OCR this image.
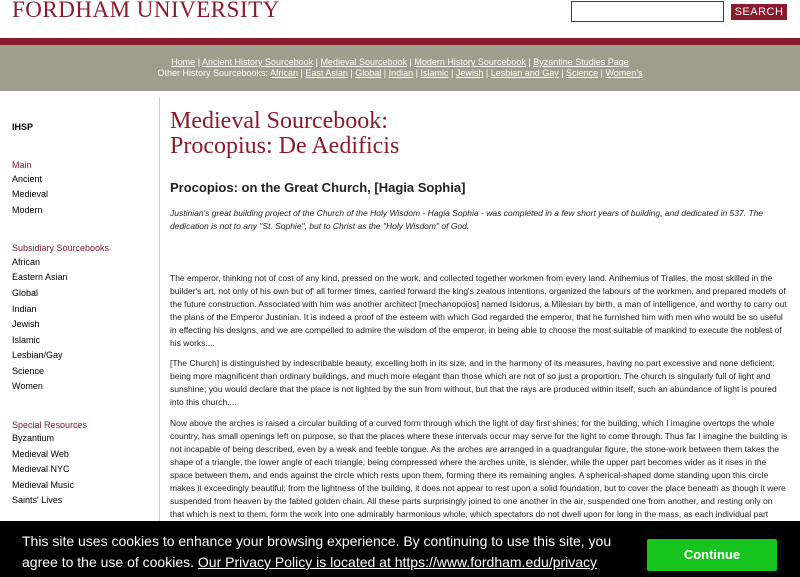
FORDHAM UNIVERSITY	SEARCH
Home | Ancient History Sourcebook | Medieval Sourcebook | Modern History Sourcebook | Byzantine Studies Page
Other History Sourcebooks: African | East Asian | Global | Indian | Islamic | Jewish | Lesbian and Gay | Science | Women's
IHSP
Main
Ancient
Medieval
Modern
Subsidiary Sourcebooks
African
Eastern Asian
Global
Indian
Jewish
Islamic
Lesbian/Gay
Science
Women
Special Resources
Byzantium
Medieval Web
Medieval NYC
Medieval Music
Saints' Lives
Medieval Sourcebook:
Procopius: De Aedificis
Procopios: on the Great Church, [Hagia Sophia]
Justinian's great building project of the Church of the Holy Wisdom - Hagia Sophia - was completed in a few short years of building, and dedicated in 537. The dedication is not to any "St. Sophie", but to Christ as the "Holy Wisdom" of God.
The emperor, thinking not of cost of any kind, pressed on the work, and collected together workmen from every land. Anthemius of Tralles, the most skilled in the builder's art, not only of his own but of' all former times, carried forward the king's zealous intentions, organized the labours of the workmen, and prepared models of the future construction. Associated with him was another architect [mechanopoios] named Isidorus, a Milesian by birth, a man of intelligence, and worthy to carry out the plans of the Emperor Justinian. It is indeed a proof of the esteem with which God regarded the emperor, that he furnished him with men who would be so useful in effecting his designs, and we are compelled to admire the wisdom of the emperor, in being able to choose the most suitable of mankind to execute the noblest of his works....
[The Church] is distinguished by indescribable beauty, excelling both in its size, and in the harmony of its measures, having no part excessive and none deficient; being more magnificent than ordinary buildings, and much more elegant than those which are not of so just a proportion. The church is singularly full of light and sunshine; you would declare that the place is not lighted by the sun from without, but that the rays are produced within itself, such an abundance of light is poured into this church....
Now above the arches is raised a circular building of a curved form through which the light of day first shines; for the building, which I imagine overtops the whole country, has small openings left on purpose, so that the places where these intervals occur may serve for the light to come through. Thus far I imagine the building is not incapable of being described, even by a weak and feeble tongue. As the arches are arranged in a quadrangular figure, the stone-work between them takes the shape of a triangle, the lower angle of each triangle, being compressed where the arches unite, is slender, while the upper part becomes wider as it rises in the space between them, and ends against the circle which rests upon them, forming there its remaining angles. A spherical-shaped dome standing upon this circle makes it exceedingly beautiful; from the lightness of the building, it does not appear to rest upon a solid foundation, but to cover the place beneath as though it were suspended from heaven by the fabled golden chain. All these parts surprisingly joined to one another in the air, suspended one from another, and resting only on that which is next to them, form the work into one admirably harmonious whole, which spectators do not dwell upon for long in the mass, as each individual part
This site uses cookies to enhance your browsing experience. By continuing to use this site, you agree to the use of cookies. Our Privacy Policy is located at https://www.fordham.edu/privacy	Continue
